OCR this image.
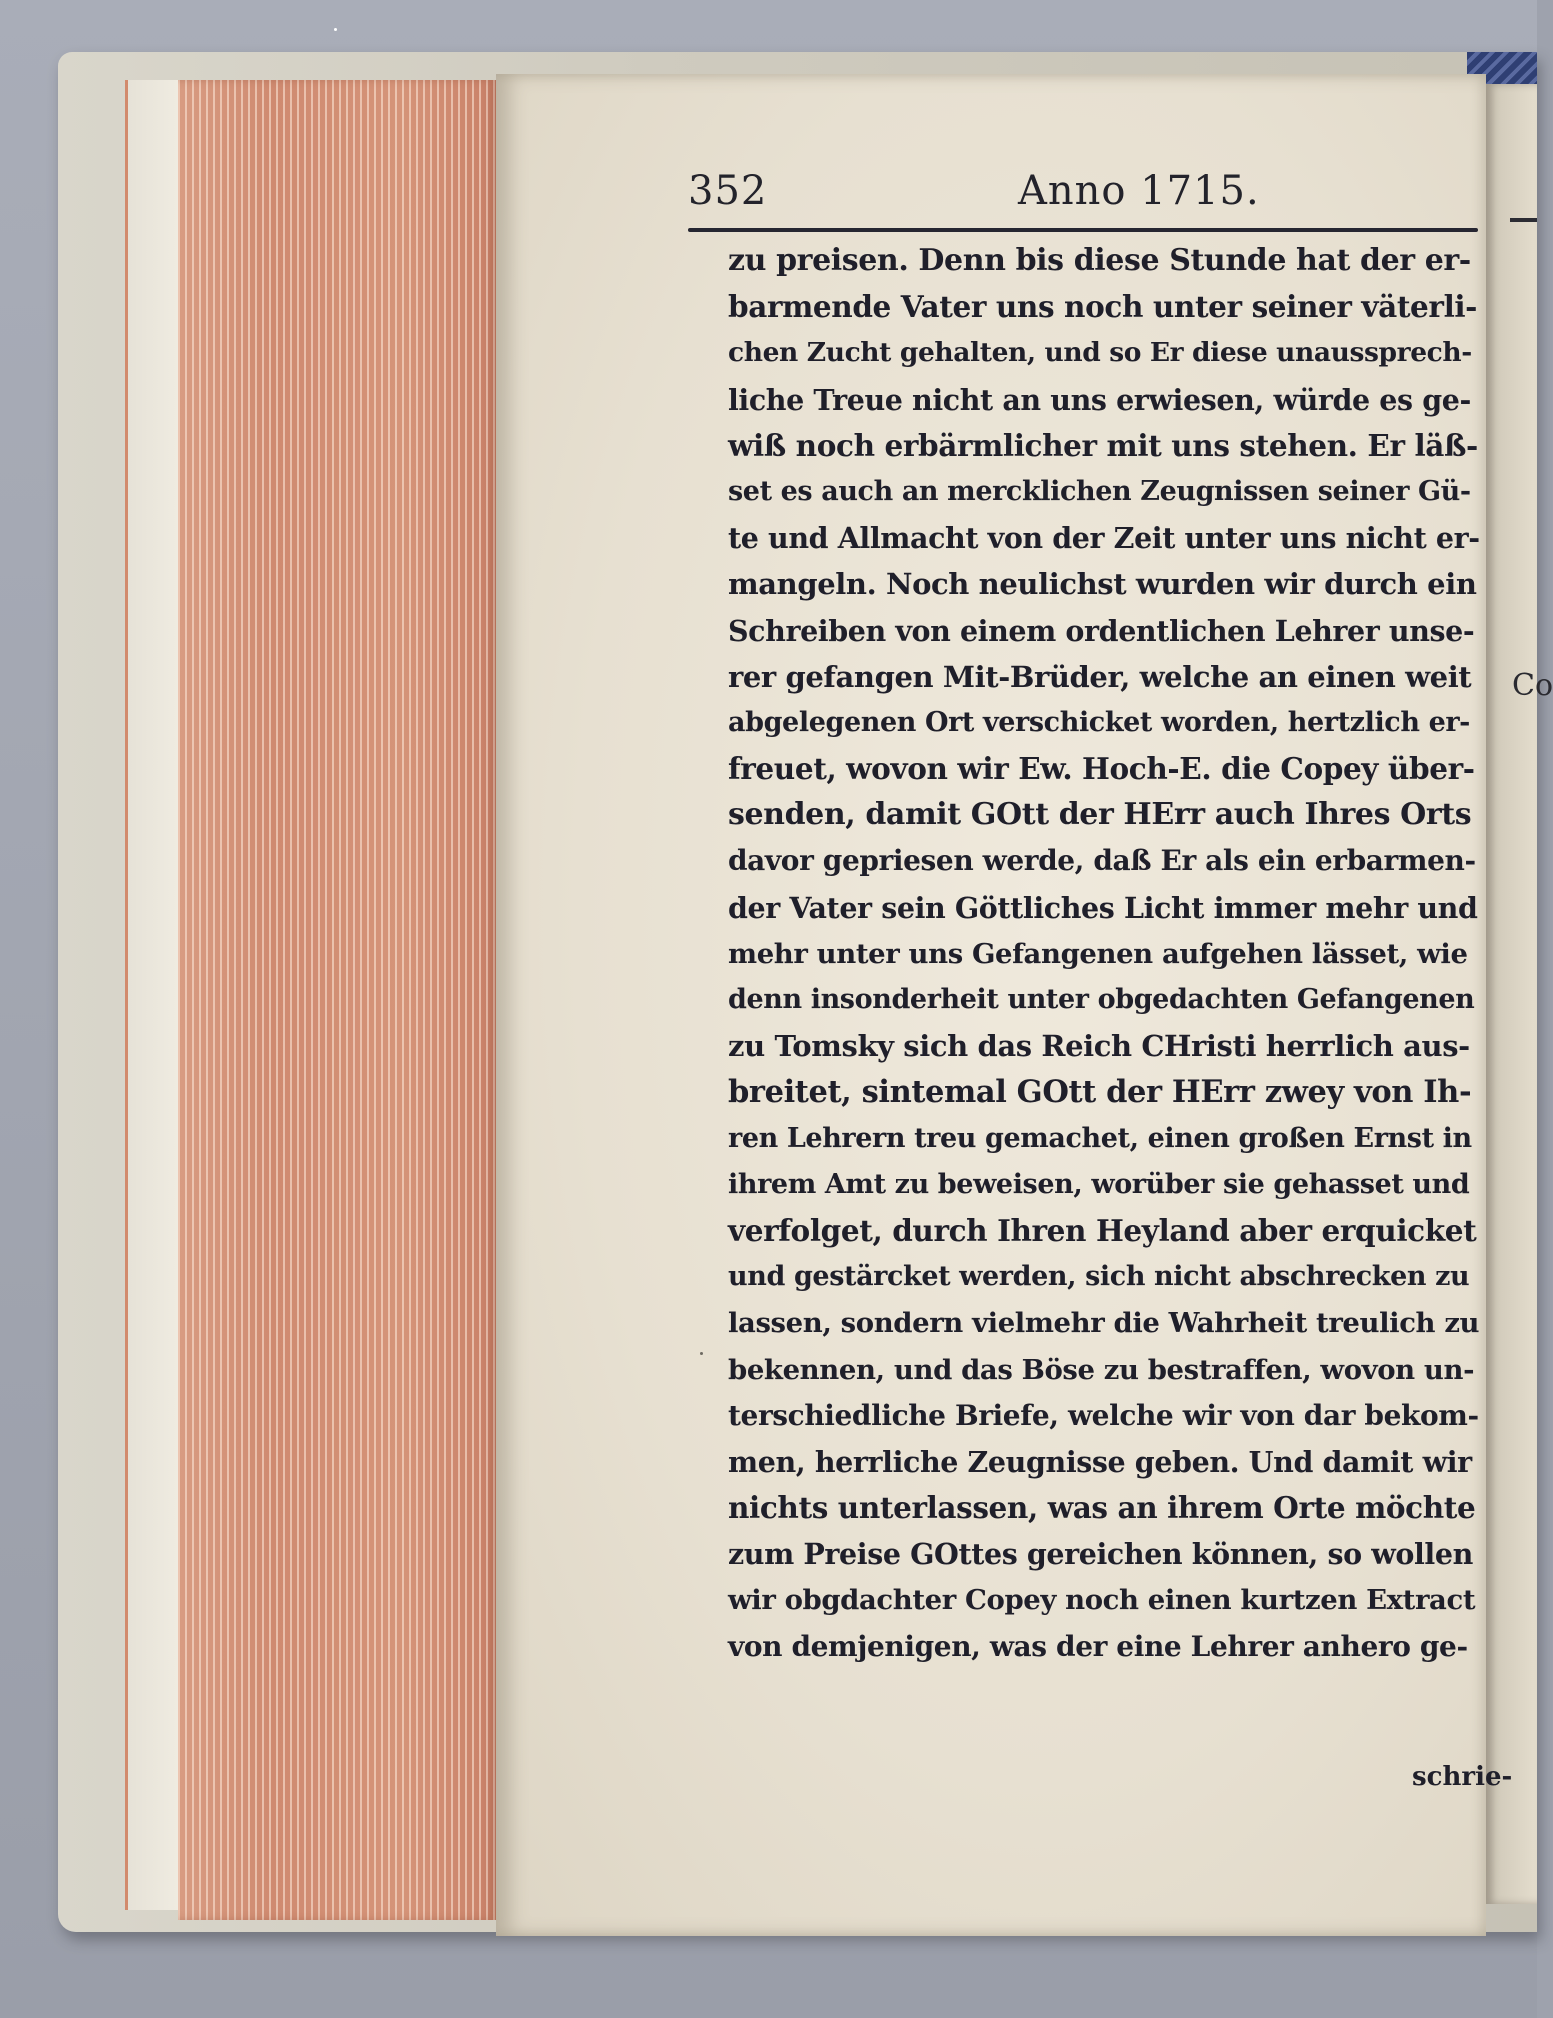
Co
352	Anno 1715.
zu preisen. Denn bis diese Stunde hat der er-
barmende Vater uns noch unter seiner väterli-
chen Zucht gehalten, und so Er diese unaussprech-
liche Treue nicht an uns erwiesen, würde es ge-
wiß noch erbärmlicher mit uns stehen. Er läß-
set es auch an mercklichen Zeugnissen seiner Gü-
te und Allmacht von der Zeit unter uns nicht er-
mangeln. Noch neulichst wurden wir durch ein
Schreiben von einem ordentlichen Lehrer unse-
rer gefangen Mit-Brüder, welche an einen weit
abgelegenen Ort verschicket worden, hertzlich er-
freuet, wovon wir Ew. Hoch-E. die Copey über-
senden, damit GOtt der HErr auch Ihres Orts
davor gepriesen werde, daß Er als ein erbarmen-
der Vater sein Göttliches Licht immer mehr und
mehr unter uns Gefangenen aufgehen lässet, wie
denn insonderheit unter obgedachten Gefangenen
zu Tomsky sich das Reich CHristi herrlich aus-
breitet, sintemal GOtt der HErr zwey von Ih-
ren Lehrern treu gemachet, einen großen Ernst in
ihrem Amt zu beweisen, worüber sie gehasset und
verfolget, durch Ihren Heyland aber erquicket
und gestärcket werden, sich nicht abschrecken zu
lassen, sondern vielmehr die Wahrheit treulich zu
bekennen, und das Böse zu bestraffen, wovon un-
terschiedliche Briefe, welche wir von dar bekom-
men, herrliche Zeugnisse geben. Und damit wir
nichts unterlassen, was an ihrem Orte möchte
zum Preise GOttes gereichen können, so wollen
wir obgdachter Copey noch einen kurtzen Extract
von demjenigen, was der eine Lehrer anhero ge-
schrie-
